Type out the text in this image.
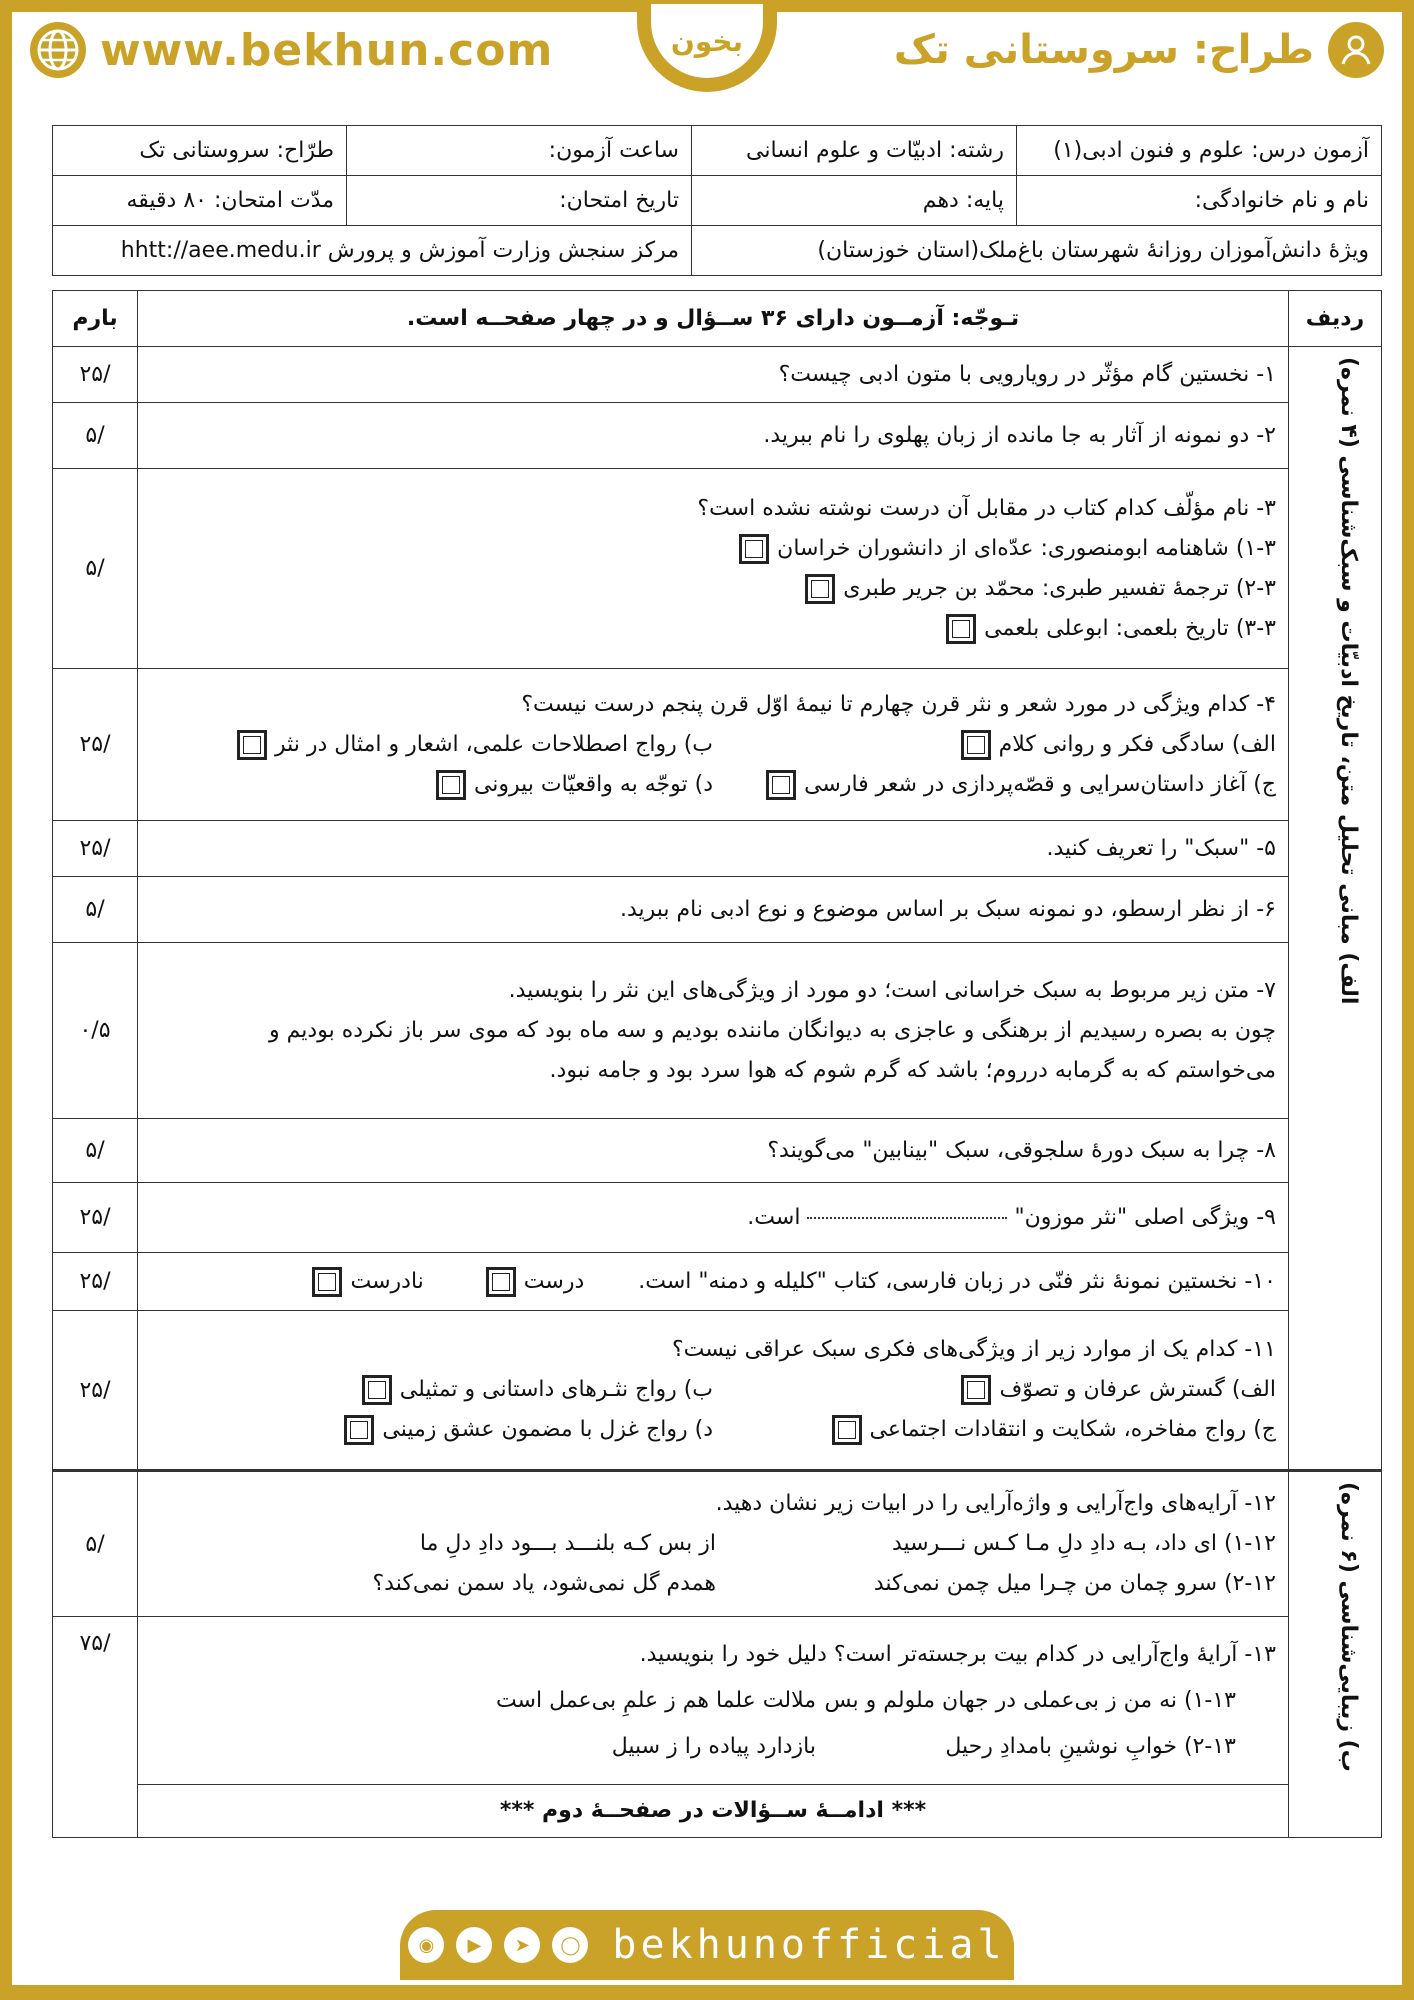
www.bekhun.com	بخون	طراح: سروستانی تک
آزمون درس: علوم و فنون ادبی(۱)	رشته: ادبیّات و علوم انسانی	ساعت آزمون:	طرّاح: سروستانی تک
نام و نام خانوادگی:	پایه: دهم	تاریخ امتحان:	مدّت امتحان: ۸۰ دقیقه
ویژهٔ دانش‌آموزان روزانهٔ شهرستان باغ‌ملک(استان خوزستان)		مرکز سنجش وزارت آموزش و پرورش hhtt://aee.medu.ir	
ردیف	تـوجّه: آزمــون دارای ۳۶ ســؤال و در چهار صفحــه است.	بارم
الف) مبانی تحلیل متن، تاریخ ادبیّات و سبک‌شناسی (۴ نمره)	۱- نخستین گام مؤثّر در رویارویی با متون ادبی چیست؟	/۲۵
	۲- دو نمونه از آثار به جا مانده از زبان پهلوی را نام ببرید.	/۵

	۳- نام مؤلّف کدام کتاب در مقابل آن درست نوشته نشده است؟
۱-۳) شاهنامه ابومنصوری: عدّه‌ای از دانشوران خراسان
۲-۳) ترجمهٔ تفسیر طبری: محمّد بن جریر طبری
۳-۳) تاریخ بلعمی: ابوعلی بلعمی	/۵

	۴- کدام ویژگی در مورد شعر و نثر قرن چهارم تا نیمهٔ اوّل قرن پنجم درست نیست؟
الف) سادگی فکر و روانی کلام
ب) رواج اصطلاحات علمی، اشعار و امثال در نثر
ج) آغاز داستان‌سرایی و قصّه‌پردازی در شعر فارسی
د) توجّه به واقعیّات بیرونی	/۲۵
	۵- "سبک" را تعریف کنید.	/۲۵
	۶- از نظر ارسطو، دو نمونه سبک بر اساس موضوع و نوع ادبی نام ببرید.	/۵

	۷- متن زیر مربوط به سبک خراسانی است؛ دو مورد از ویژگی‌های این نثر را بنویسید.
چون به بصره رسیدیم از برهنگی و عاجزی به دیوانگان ماننده بودیم و سه ماه بود که موی سر باز نکرده بودیم و
می‌خواستم که به گرمابه درروم؛ باشد که گرم شوم که هوا سرد بود و جامه نبود.	۰/۵
	۸- چرا به سبک دورهٔ سلجوقی، سبک "بینابین" می‌گویند؟	/۵
	۹- ویژگی اصلی "نثر موزون"  است.	/۲۵
	۱۰- نخستین نمونهٔ نثر فنّی در زبان فارسی، کتاب "کلیله و دمنه" است.  درست  نادرست	/۲۵

	۱۱- کدام یک از موارد زیر از ویژگی‌های فکری سبک عراقی نیست؟
الف) گسترش عرفان و تصوّف
ب) رواج نثـرهای داستانی و تمثیلی
ج) رواج مفاخره، شکایت و انتقادات اجتماعی
د) رواج غزل با مضمون عشق زمینی	/۲۵
ب) زیبایی‌شناسی (۶ نمره)	۱۲- آرایه‌های واج‌آرایی و واژه‌آرایی را در ابیات زیر نشان دهید.
۱-۱۲) ای داد، بـه دادِ دلِ مـا کـس نـــرسید
از بس کـه بلنـــد بـــود دادِ دلِ ما
۲-۱۲) سرو چمان من چـرا میل چمن نمی‌کند
همدم گل نمی‌شود، یاد سمن نمی‌کند؟	/۵

	۱۳- آرایهٔ واج‌آرایی در کدام بیت برجسته‌تر است؟ دلیل خود را بنویسید.
۱-۱۳) نه من ز بی‌عملی در جهان ملولم و بس
ملالت علما هم ز علمِ بی‌عمل است
۲-۱۳) خوابِ نوشینِ بامدادِ رحیل
بازدارد پیاده را ز سبیل	/۷۵
	*** ادامــهٔ ســؤالات در صفحــهٔ دوم ***	
◉	▶	➤	◯ bekhunofficial
